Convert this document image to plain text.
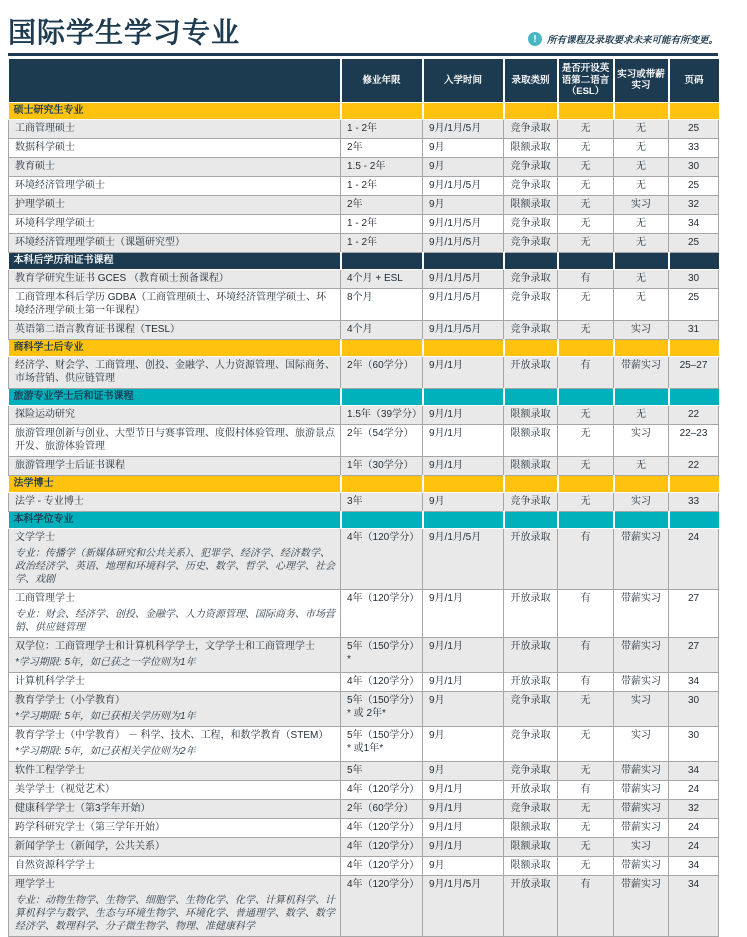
国际学生学习专业	!	所有课程及录取要求未来可能有所变更。
	修业年限	入学时间	录取类别	是否开设英语第二语言（ESL）	实习或带薪实习	页码
硕士研究生专业						

工商管理硕士	1 - 2年	9月/1月/5月	竞争录取	无	无	25

数据科学硕士	2年	9月	限额录取	无	无	33

教育硕士	1.5 - 2年	9月	竞争录取	无	无	30

环境经济管理学硕士	1 - 2年	9月/1月/5月	竞争录取	无	无	25

护理学硕士	2年	9月	限额录取	无	实习	32

环境科学理学硕士	1 - 2年	9月/1月/5月	竞争录取	无	无	34

环境经济管理理学硕士（课题研究型）	1 - 2年	9月/1月/5月	竞争录取	无	无	25
本科后学历和证书课程						

教育学研究生证书 GCES （教育硕士预备课程）	4个月 + ESL	9月/1月/5月	竞争录取	有	无	30

工商管理本科后学历 GDBA（工商管理硕士、环境经济管理学硕士、环境经济理学硕士第一年课程）	8个月	9月/1月/5月	竞争录取	无	无	25

英语第二语言教育证书课程（TESL）	4个月	9月/1月/5月	竞争录取	无	实习	31
商科学士后专业						

经济学、财会学、工商管理、创投、金融学、人力资源管理、国际商务、市场营销、供应链管理	2年（60学分）	9月/1月	开放录取	有	带薪实习	25–27
旅游专业学士后和证书课程						

探险运动研究	1.5年（39学分）	9月/1月	限额录取	无	无	22

旅游管理创新与创业、大型节日与赛事管理、度假村体验管理、旅游景点开发、旅游体验管理	2年（54学分）	9月/1月	限额录取	无	实习	22–23

旅游管理学士后证书课程	1年（30学分）	9月/1月	限额录取	无	无	22
法学博士						

法学 - 专业博士	3年	9月	竞争录取	无	实习	33
本科学位专业						

文学学士
专业：传播学（新媒体研究和公共关系）、犯罪学、经济学、经济数学、政治经济学、英语、地理和环境科学、历史、数学、哲学、心理学、社会学、戏剧	4年（120学分）	9月/1月/5月	开放录取	有	带薪实习	24

工商管理学士
专业：财会、经济学、创投、金融学、人力资源管理、国际商务、市场营销、供应链管理	4年（120学分）	9月/1月	开放录取	有	带薪实习	27

双学位：工商管理学士和计算机科学学士，文学学士和工商管理学士
*学习期限: 5年，如已获之一学位则为1年	5年（150学分）*	9月/1月	开放录取	有	带薪实习	27

计算机科学学士	4年（120学分）	9月/1月	开放录取	有	带薪实习	34

教育学学士（小学教育）
*学习期限: 5年，如已获相关学历则为1年	5年（150学分）* 或 2年*	9月	竞争录取	无	实习	30

教育学学士（中学教育） － 科学、技术、工程，和数学教育（STEM）
*学习期限: 5年，如已获相关学位则为2年	5年（150学分）* 或1年*	9月	竞争录取	无	实习	30

软件工程学学士	5年	9月	竞争录取	无	带薪实习	34

美学学士（视觉艺术）	4年（120学分）	9月/1月	开放录取	有	带薪实习	24

健康科学学士（第3学年开始）	2年（60学分）	9月/1月	竞争录取	无	带薪实习	32

跨学科研究学士（第三学年开始）	4年（120学分）	9月/1月	限额录取	无	带薪实习	24

新闻学学士（新闻学，公共关系）	4年（120学分）	9月/1月	限额录取	无	实习	24

自然资源科学学士	4年（120学分）	9月	限额录取	无	带薪实习	34

理学学士
专业：动物生物学、生物学、细胞学、生物化学、化学、计算机科学、计算机科学与数学、生态与环境生物学、环境化学、普通理学、数学、数学经济学、数理科学、分子微生物学、物理、准健康科学	4年（120学分）	9月/1月/5月	开放录取	有	带薪实习	34
